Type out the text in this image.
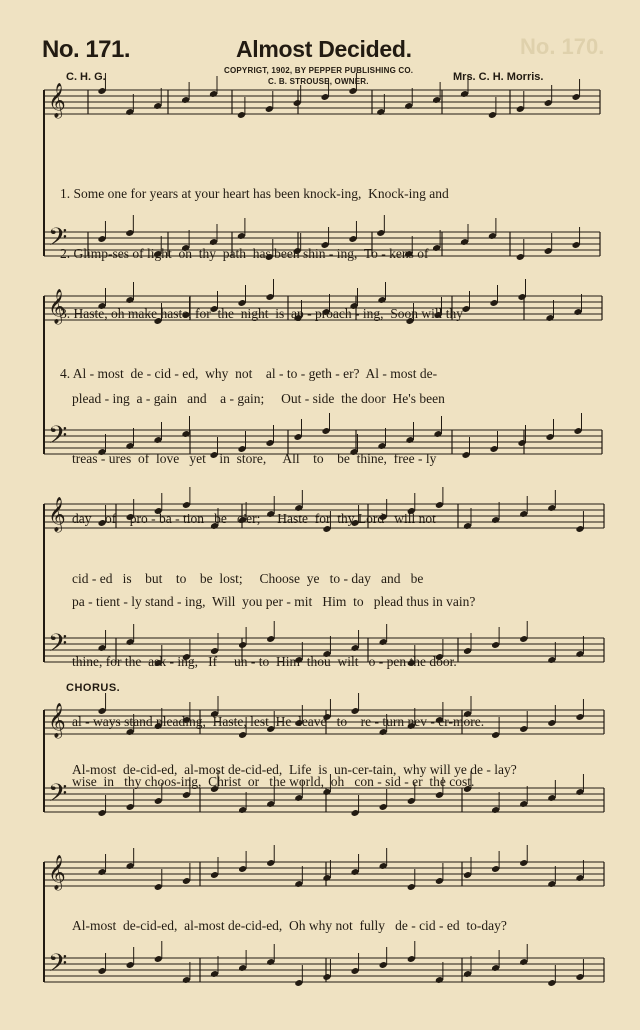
No. 170.
No. 171.	Almost Decided.
COPYRIGT, 1902, BY PEPPER PUBLISHING CO.
C. B. STROUSE, OWNER.
C. H. G.	Mrs. C. H. Morris.
𝄞
𝄢
𝄞
𝄢
𝄞
𝄢
𝄞
𝄢
𝄞
𝄢

1. Some one for years at your heart has been knock-ing,  Knock-ing and

2. Glimp-ses of light  on  thy  path  has been shin - ing,  To - kens of

3. Haste, oh make haste, for  the  night  is  ap - proach - ing,  Soon will thy

4. Al - most  de - cid - ed,  why  not    al - to - geth - er?  Al - most de-

plead - ing  a - gain   and    a - gain;     Out - side  the door  He's been

treas - ures  of  love   yet    in  store,     All    to    be  thine,  free - ly

day    of    pro - ba - tion   be   o'er;     Haste  for  thy Lord   will not

cid - ed   is    but    to    be  lost;     Choose  ye   to - day   and   be

pa - tient - ly stand - ing,  Will  you per - mit   Him  to   plead thus in vain?

thine, for the  ask - ing,   If     un - to  Him  thou  wilt   o - pen the door.

al - ways stand pleading,  Haste, lest  He  leave   to    re - turn nev - er-more.

wise  in   thy choos-ing,  Christ  or   the world,  oh   con - sid - er  the cost.

CHORUS.
Al-most  de-cid-ed,  al-most de-cid-ed,  Life  is  un-cer-tain,  why will ye de - lay?
Al-most  de-cid-ed,  al-most de-cid-ed,  Oh why not  fully   de - cid - ed  to-day?
